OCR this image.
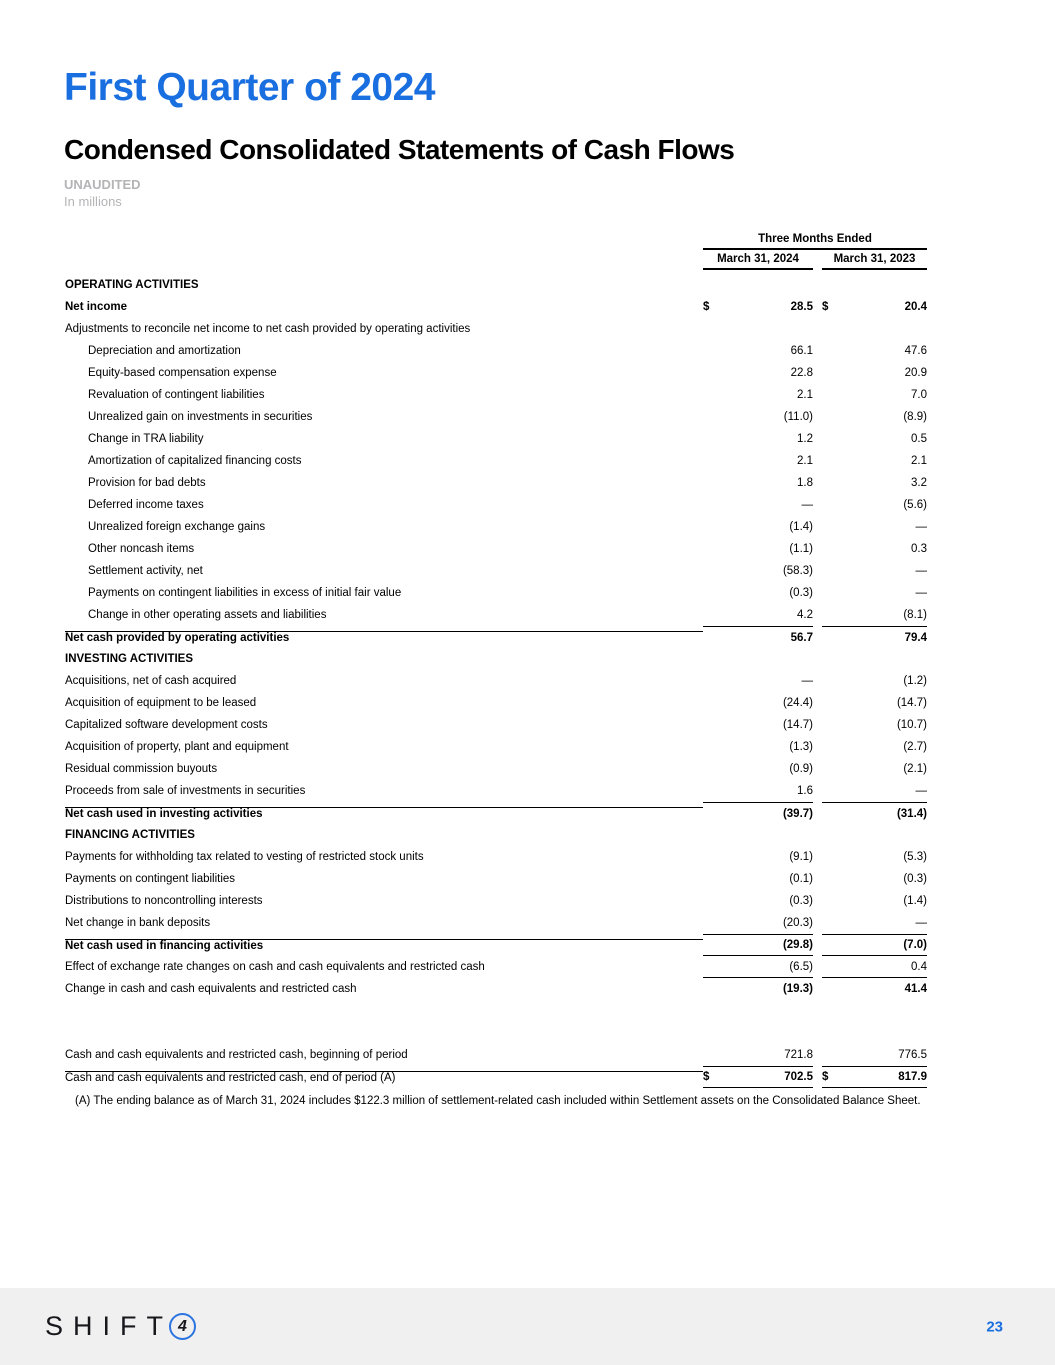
First Quarter of 2024
Condensed Consolidated Statements of Cash Flows
UNAUDITED
In millions
Three Months Ended
March 31, 2024	March 31, 2023
OPERATING ACTIVITIES
Net income	$	28.5 $	20.4
Adjustments to reconcile net income to net cash provided by operating activities
Depreciation and amortization	66.1	47.6
Equity-based compensation expense	22.8	20.9
Revaluation of contingent liabilities	2.1	7.0
Unrealized gain on investments in securities	(11.0)	(8.9)
Change in TRA liability	1.2	0.5
Amortization of capitalized financing costs	2.1	2.1
Provision for bad debts	1.8	3.2
Deferred income taxes	—	(5.6)
Unrealized foreign exchange gains	(1.4)	—
Other noncash items	(1.1)	0.3
Settlement activity, net	(58.3)	—
Payments on contingent liabilities in excess of initial fair value	(0.3)	—
Change in other operating assets and liabilities	4.2	(8.1)
Net cash provided by operating activities	56.7	79.4
INVESTING ACTIVITIES
Acquisitions, net of cash acquired	—	(1.2)
Acquisition of equipment to be leased	(24.4)	(14.7)
Capitalized software development costs	(14.7)	(10.7)
Acquisition of property, plant and equipment	(1.3)	(2.7)
Residual commission buyouts	(0.9)	(2.1)
Proceeds from sale of investments in securities	1.6	—
Net cash used in investing activities	(39.7)	(31.4)
FINANCING ACTIVITIES
Payments for withholding tax related to vesting of restricted stock units	(9.1)	(5.3)
Payments on contingent liabilities	(0.1)	(0.3)
Distributions to noncontrolling interests	(0.3)	(1.4)
Net change in bank deposits	(20.3)	—
Net cash used in financing activities	(29.8)	(7.0)
Effect of exchange rate changes on cash and cash equivalents and restricted cash	(6.5)	0.4
Change in cash and cash equivalents and restricted cash	(19.3)	41.4
Cash and cash equivalents and restricted cash, beginning of period	721.8	776.5
Cash and cash equivalents and restricted cash, end of period (A)	$	702.5 $	817.9
(A) The ending balance as of March 31, 2024 includes $122.3 million of settlement-related cash included within Settlement assets on the Consolidated Balance Sheet.
SHIFT 4	23
